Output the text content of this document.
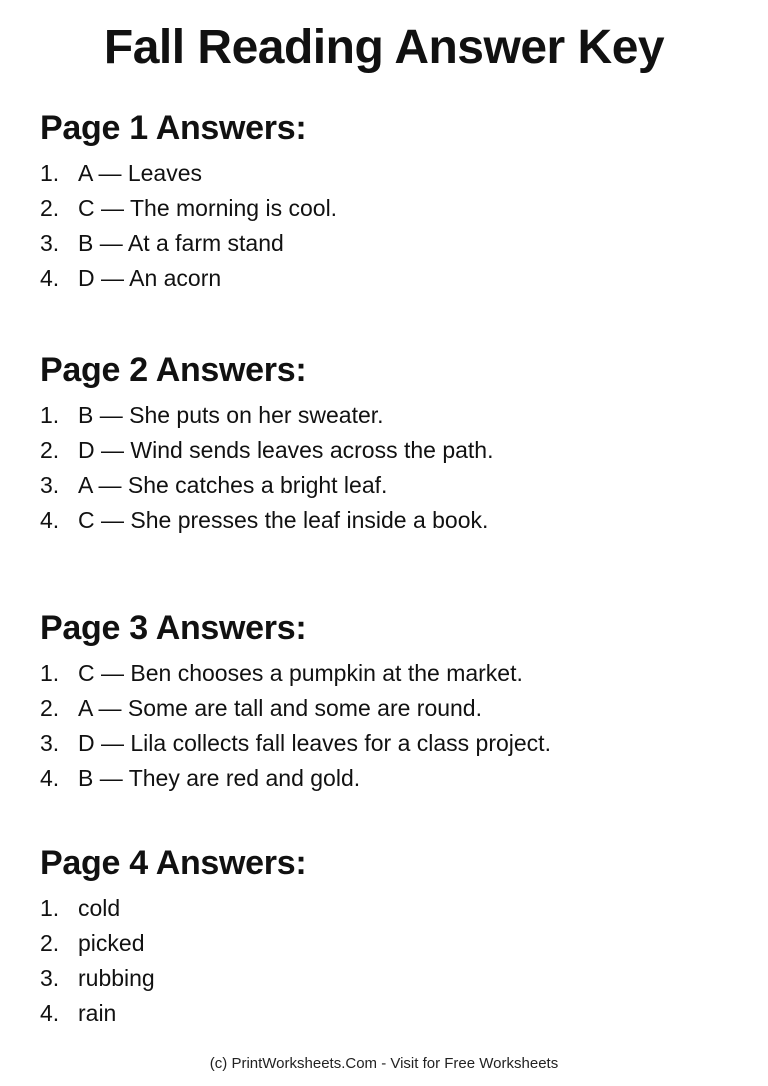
Fall Reading Answer Key
Page 1 Answers:
1. A — Leaves
2. C — The morning is cool.
3. B — At a farm stand
4. D — An acorn
Page 2 Answers:
1. B — She puts on her sweater.
2. D — Wind sends leaves across the path.
3. A — She catches a bright leaf.
4. C — She presses the leaf inside a book.
Page 3 Answers:
1. C — Ben chooses a pumpkin at the market.
2. A — Some are tall and some are round.
3. D — Lila collects fall leaves for a class project.
4. B — They are red and gold.
Page 4 Answers:
1. cold
2. picked
3. rubbing
4. rain

(c) PrintWorksheets.Com - Visit for Free Worksheets
